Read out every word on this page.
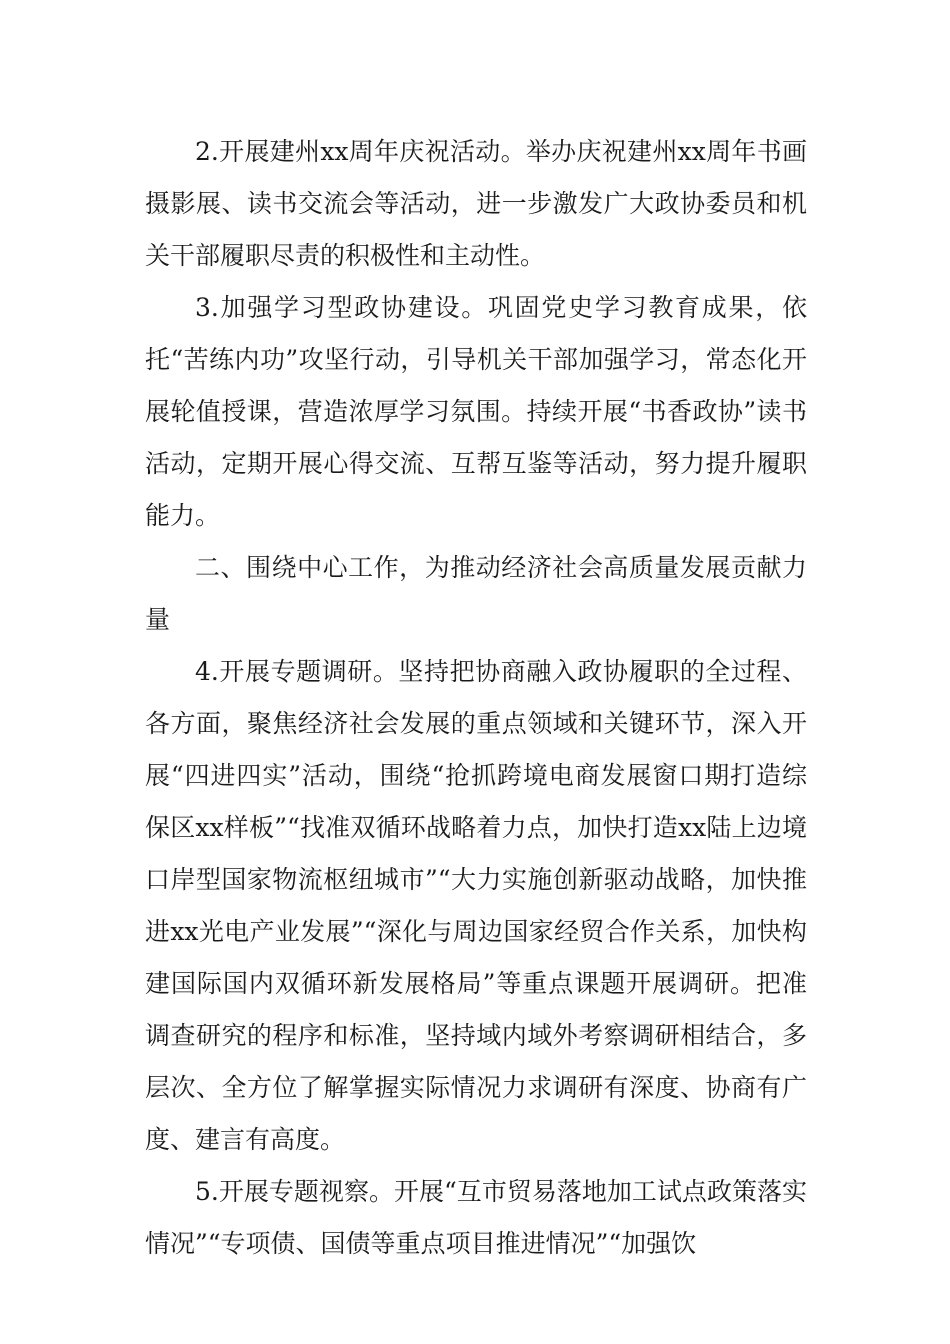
2.开展建州xx周年庆祝活动。举办庆祝建州xx周年书画摄影展、读书交流会等活动，进一步激发广大政协委员和机关干部履职尽责的积极性和主动性。

3.加强学习型政协建设。巩固党史学习教育成果，依托“苦练内功”攻坚行动，引导机关干部加强学习，常态化开展轮值授课，营造浓厚学习氛围。持续开展“书香政协”读书活动，定期开展心得交流、互帮互鉴等活动，努力提升履职能力。

二、围绕中心工作，为推动经济社会高质量发展贡献力量

4.开展专题调研。坚持把协商融入政协履职的全过程、各方面，聚焦经济社会发展的重点领域和关键环节，深入开展“四进四实”活动，围绕“抢抓跨境电商发展窗口期打造综保区xx样板”“找准双循环战略着力点，加快打造xx陆上边境口岸型国家物流枢纽城市”“大力实施创新驱动战略，加快推进xx光电产业发展”“深化与周边国家经贸合作关系，加快构建国际国内双循环新发展格局”等重点课题开展调研。把准调查研究的程序和标准，坚持域内域外考察调研相结合，多层次、全方位了解掌握实际情况力求调研有深度、协商有广度、建言有高度。

5.开展专题视察。开展“互市贸易落地加工试点政策落实情况”“专项债、国债等重点项目推进情况”“加强饮
